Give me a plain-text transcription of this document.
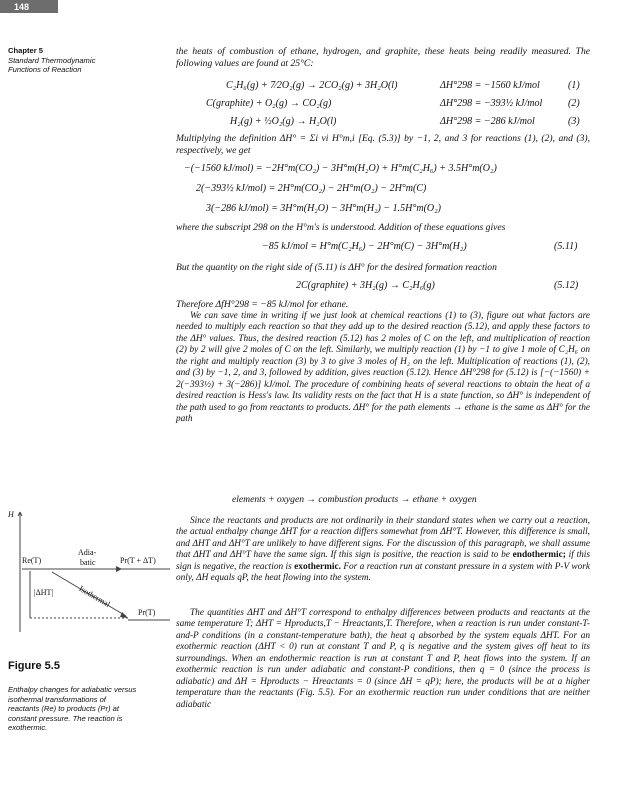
148
Chapter 5
Standard Thermodynamic
Functions of Reaction

the heats of combustion of ethane, hydrogen, and graphite, these heats being readily measured. The following values are found at 25°C:

C₂H₆(g) + 7⁄2O₂(g) → 2CO₂(g) + 3H₂O(l)	ΔH°298 = −1560 kJ/mol	(1)
C(graphite) + O₂(g) → CO₂(g)	ΔH°298 = −393½ kJ/mol	(2)
H₂(g) + ½O₂(g) → H₂O(l)	ΔH°298 = −286 kJ/mol	(3)

Multiplying the definition ΔH° = Σi νi H°m,i [Eq. (5.3)] by −1, 2, and 3 for reactions (1), (2), and (3), respectively, we get

−(−1560 kJ/mol) = −2H°m(CO₂) − 3H°m(H₂O) + H°m(C₂H₆) + 3.5H°m(O₂)
2(−393½ kJ/mol) = 2H°m(CO₂) − 2H°m(O₂) − 2H°m(C)
3(−286 kJ/mol) = 3H°m(H₂O) − 3H°m(H₂) − 1.5H°m(O₂)

where the subscript 298 on the H°m's is understood. Addition of these equations gives

−85 kJ/mol = H°m(C₂H₆) − 2H°m(C) − 3H°m(H₂)	(5.11)

But the quantity on the right side of (5.11) is ΔH° for the desired formation reaction

2C(graphite) + 3H₂(g) → C₂H₆(g)	(5.12)

Therefore ΔfH°298 = −85 kJ/mol for ethane.

We can save time in writing if we just look at chemical reactions (1) to (3), figure out what factors are needed to multiply each reaction so that they add up to the desired reaction (5.12), and apply these factors to the ΔH° values. Thus, the desired reaction (5.12) has 2 moles of C on the left, and multiplication of reaction (2) by 2 will give 2 moles of C on the left. Similarly, we multiply reaction (1) by −1 to give 1 mole of C₂H₆ on the right and multiply reaction (3) by 3 to give 3 moles of H₂ on the left. Multiplication of reactions (1), (2), and (3) by −1, 2, and 3, followed by addition, gives reaction (5.12). Hence ΔH°298 for (5.12) is [−(−1560) + 2(−393½) + 3(−286)] kJ/mol. The procedure of combining heats of several reactions to obtain the heat of a desired reaction is Hess's law. Its validity rests on the fact that H is a state function, so ΔH° is independent of the path used to go from reactants to products. ΔH° for the path elements → ethane is the same as ΔH° for the path

elements + oxygen → combustion products → ethane + oxygen

Since the reactants and products are not ordinarily in their standard states when we carry out a reaction, the actual enthalpy change ΔHT for a reaction differs somewhat from ΔH°T. However, this difference is small, and ΔHT and ΔH°T are unlikely to have different signs. For the discussion of this paragraph, we shall assume that ΔHT and ΔH°T have the same sign. If this sign is positive, the reaction is said to be endothermic; if this sign is negative, the reaction is exothermic. For a reaction run at constant pressure in a system with P-V work only, ΔH equals qP, the heat flowing into the system.

The quantities ΔHT and ΔH°T correspond to enthalpy differences between products and reactants at the same temperature T; ΔHT = Hproducts,T − Hreactants,T. Therefore, when a reaction is run under constant-T-and-P conditions (in a constant-temperature bath), the heat q absorbed by the system equals ΔHT. For an exothermic reaction (ΔHT < 0) run at constant T and P, q is negative and the system gives off heat to its surroundings. When an endothermic reaction is run at constant T and P, heat flows into the system. If an exothermic reaction is run under adiabatic and constant-P conditions, then q = 0 (since the process is adiabatic) and ΔH = Hproducts − Hreactants = 0 (since ΔH = qP); here, the products will be at a higher temperature than the reactants (Fig. 5.5). For an exothermic reaction run under conditions that are neither adiabatic

H
Re(T)
Adia-
batic	Pr(T + ΔT)
Isothermal
|ΔHT|
Pr(T)
Figure 5.5
Enthalpy changes for adiabatic versus isothermal transformations of reactants (Re) to products (Pr) at constant pressure. The reaction is exothermic.
